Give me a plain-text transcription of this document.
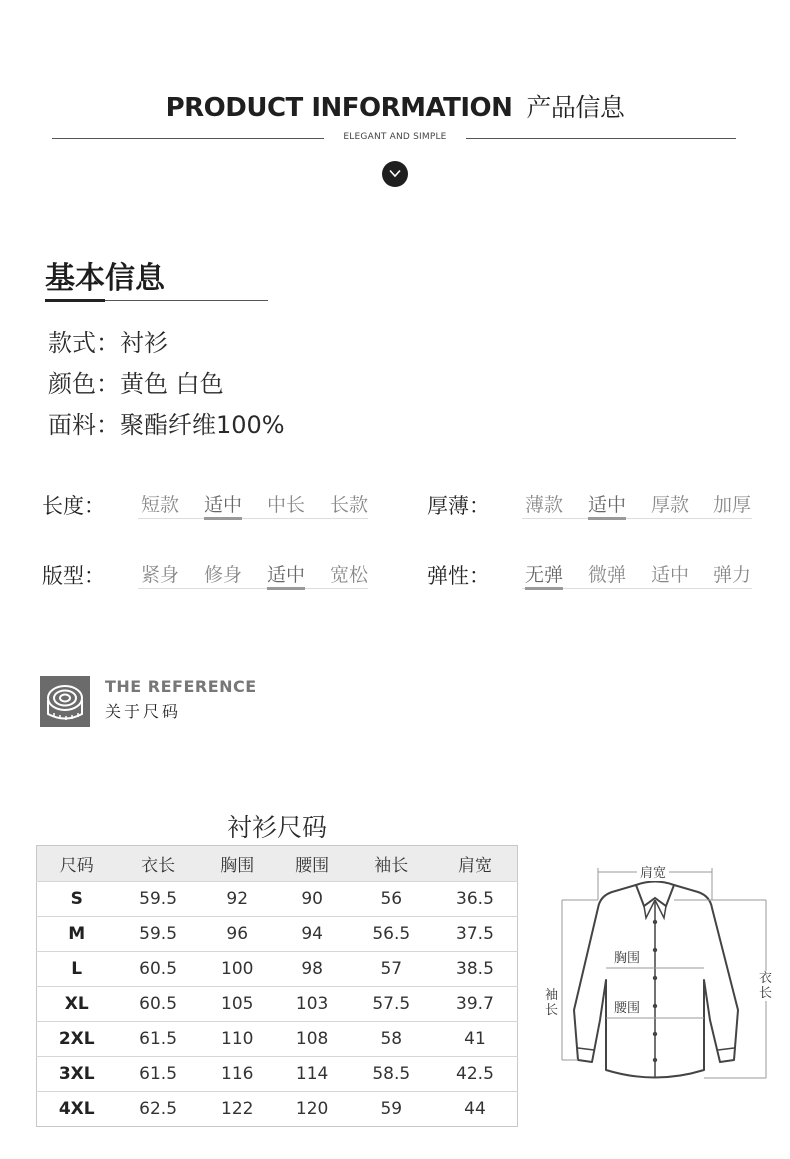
PRODUCT INFORMATION 产品信息
ELEGANT AND SIMPLE
基本信息
款式：衬衫
颜色：黄色 白色
面料：聚酯纤维100%
长度：	短款	适中	中长	长款	厚薄：	薄款	适中	厚款	加厚
版型：	紧身	修身	适中	宽松	弹性：	无弹	微弹	适中	弹力
THE REFERENCE
关于尺码
衬衫尺码
尺码	衣长	胸围	腰围	袖长	肩宽
S	59.5	92	90	56	36.5
M	59.5	96	94	56.5	37.5
L	60.5	100	98	57	38.5
XL	60.5	105	103	57.5	39.7
2XL	61.5	110	108	58	41
3XL	61.5	116	114	58.5	42.5
4XL	62.5	122	120	59	44
肩宽
胸围
腰围
袖
长
衣
长
